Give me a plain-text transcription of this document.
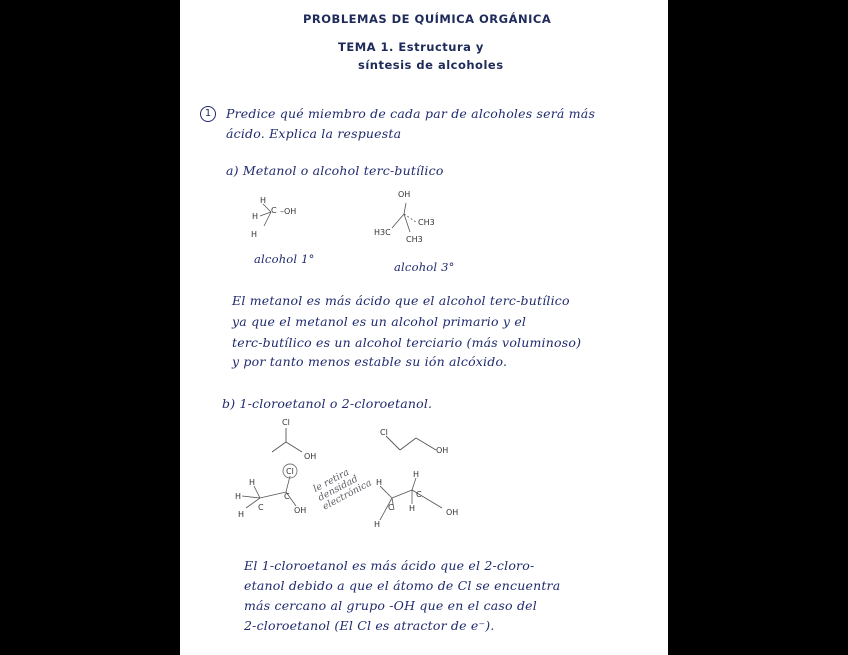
PROBLEMAS DE QUÍMICA ORGÁNICA
TEMA 1. Estructura y
síntesis de alcoholes
1	Predice qué miembro de cada par de alcoholes será más
ácido. Explica la respuesta
a) Metanol o alcohol terc-butílico
H
H
C –OH
H
OH
CH3
H3C
CH3
alcohol 1°
alcohol 3°
El metanol es más ácido que el alcohol terc-butílico
ya que el metanol es un alcohol primario y el
terc-butílico es un alcohol terciario (más voluminoso)
y por tanto menos estable su ión alcóxido.
b) 1-cloroetanol o 2-cloroetanol.
Cl
OH
Cl
OH
Cl
H
H
H
C
C
OH
H
H
H
H
C
C
OH
le retira densidad electrónica
El 1-cloroetanol es más ácido que el 2-cloro-
etanol debido a que el átomo de Cl se encuentra
más cercano al grupo -OH que en el caso del
2-cloroetanol (El Cl es atractor de e⁻).
